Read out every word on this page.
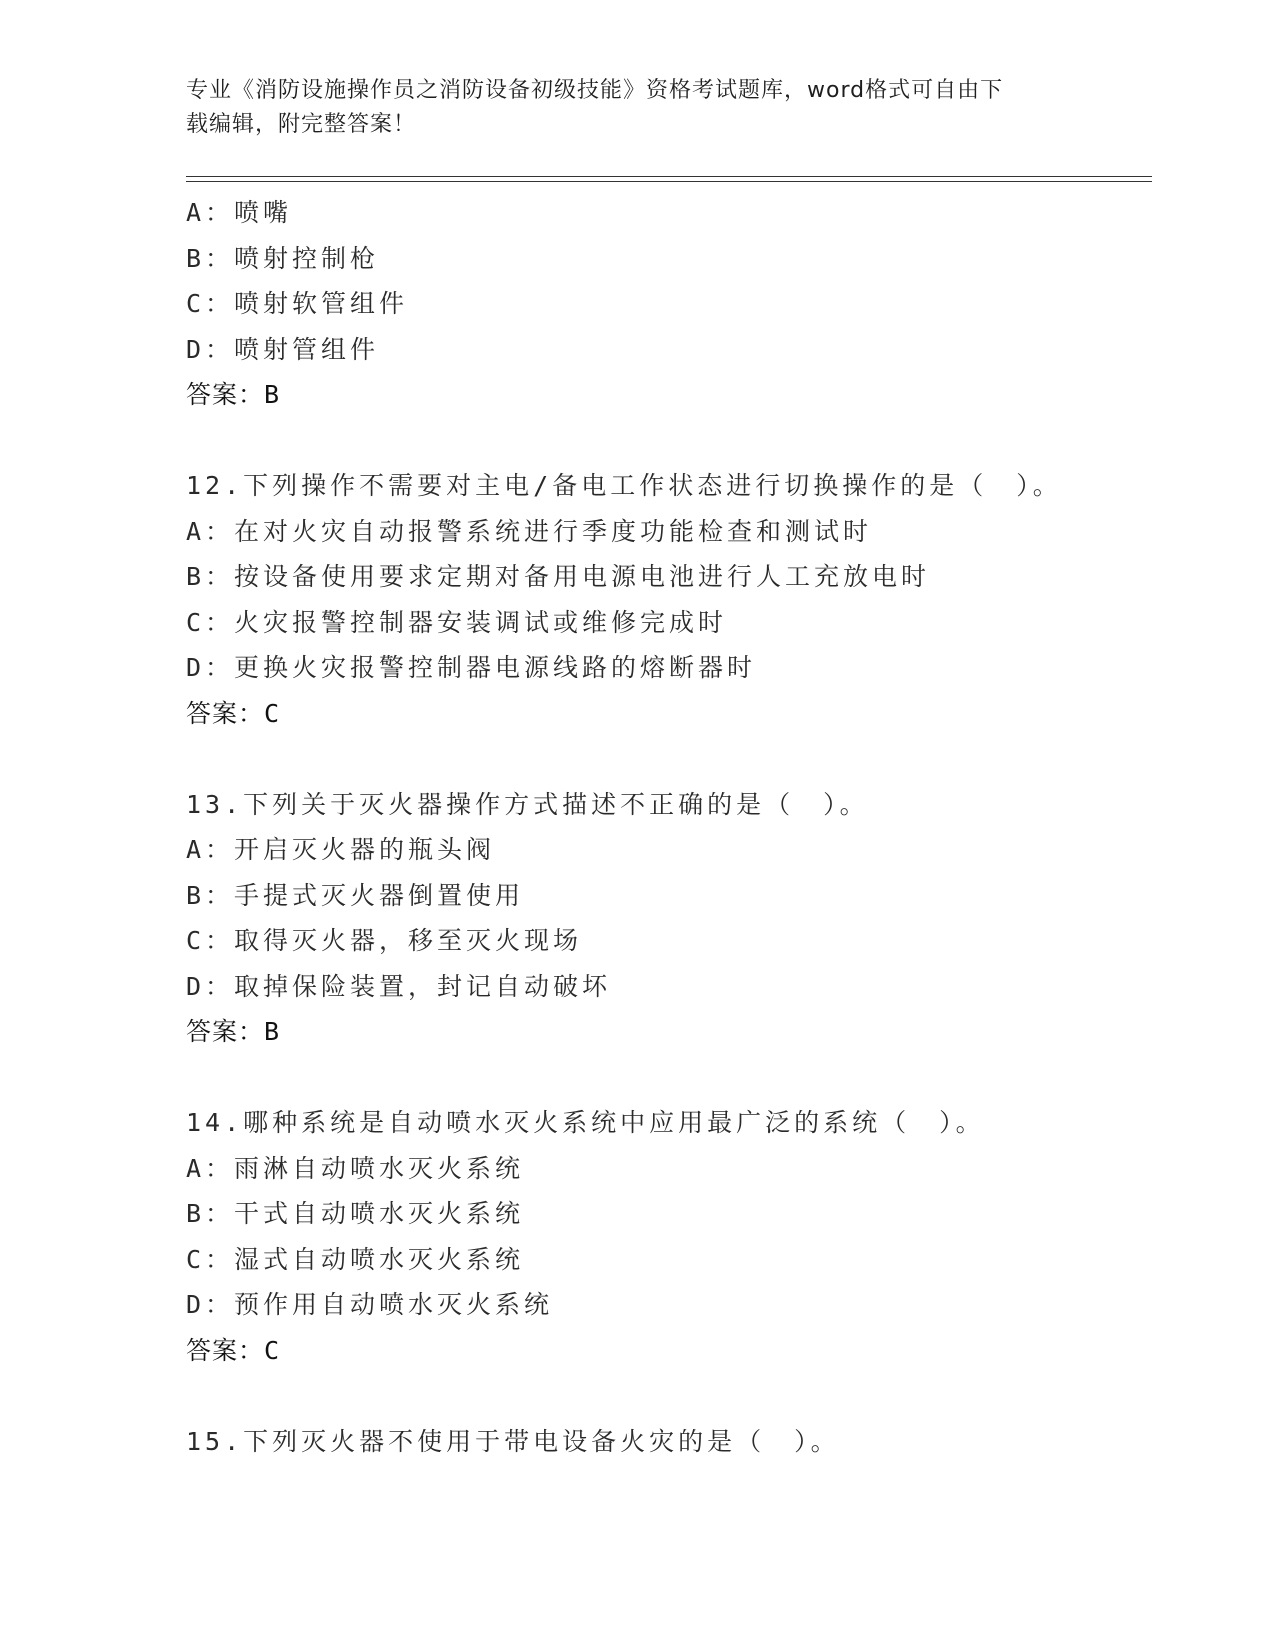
专业《消防设施操作员之消防设备初级技能》资格考试题库，word格式可自由下
载编辑，附完整答案！
A：喷嘴
B：喷射控制枪
C：喷射软管组件
D：喷射管组件
答案：B
12.下列操作不需要对主电/备电工作状态进行切换操作的是（　）。
A：在对火灾自动报警系统进行季度功能检查和测试时
B：按设备使用要求定期对备用电源电池进行人工充放电时
C：火灾报警控制器安装调试或维修完成时
D：更换火灾报警控制器电源线路的熔断器时
答案：C
13.下列关于灭火器操作方式描述不正确的是（　）。
A：开启灭火器的瓶头阀
B：手提式灭火器倒置使用
C：取得灭火器，移至灭火现场
D：取掉保险装置，封记自动破坏
答案：B
14.哪种系统是自动喷水灭火系统中应用最广泛的系统（　）。
A：雨淋自动喷水灭火系统
B：干式自动喷水灭火系统
C：湿式自动喷水灭火系统
D：预作用自动喷水灭火系统
答案：C
15.下列灭火器不使用于带电设备火灾的是（　）。
